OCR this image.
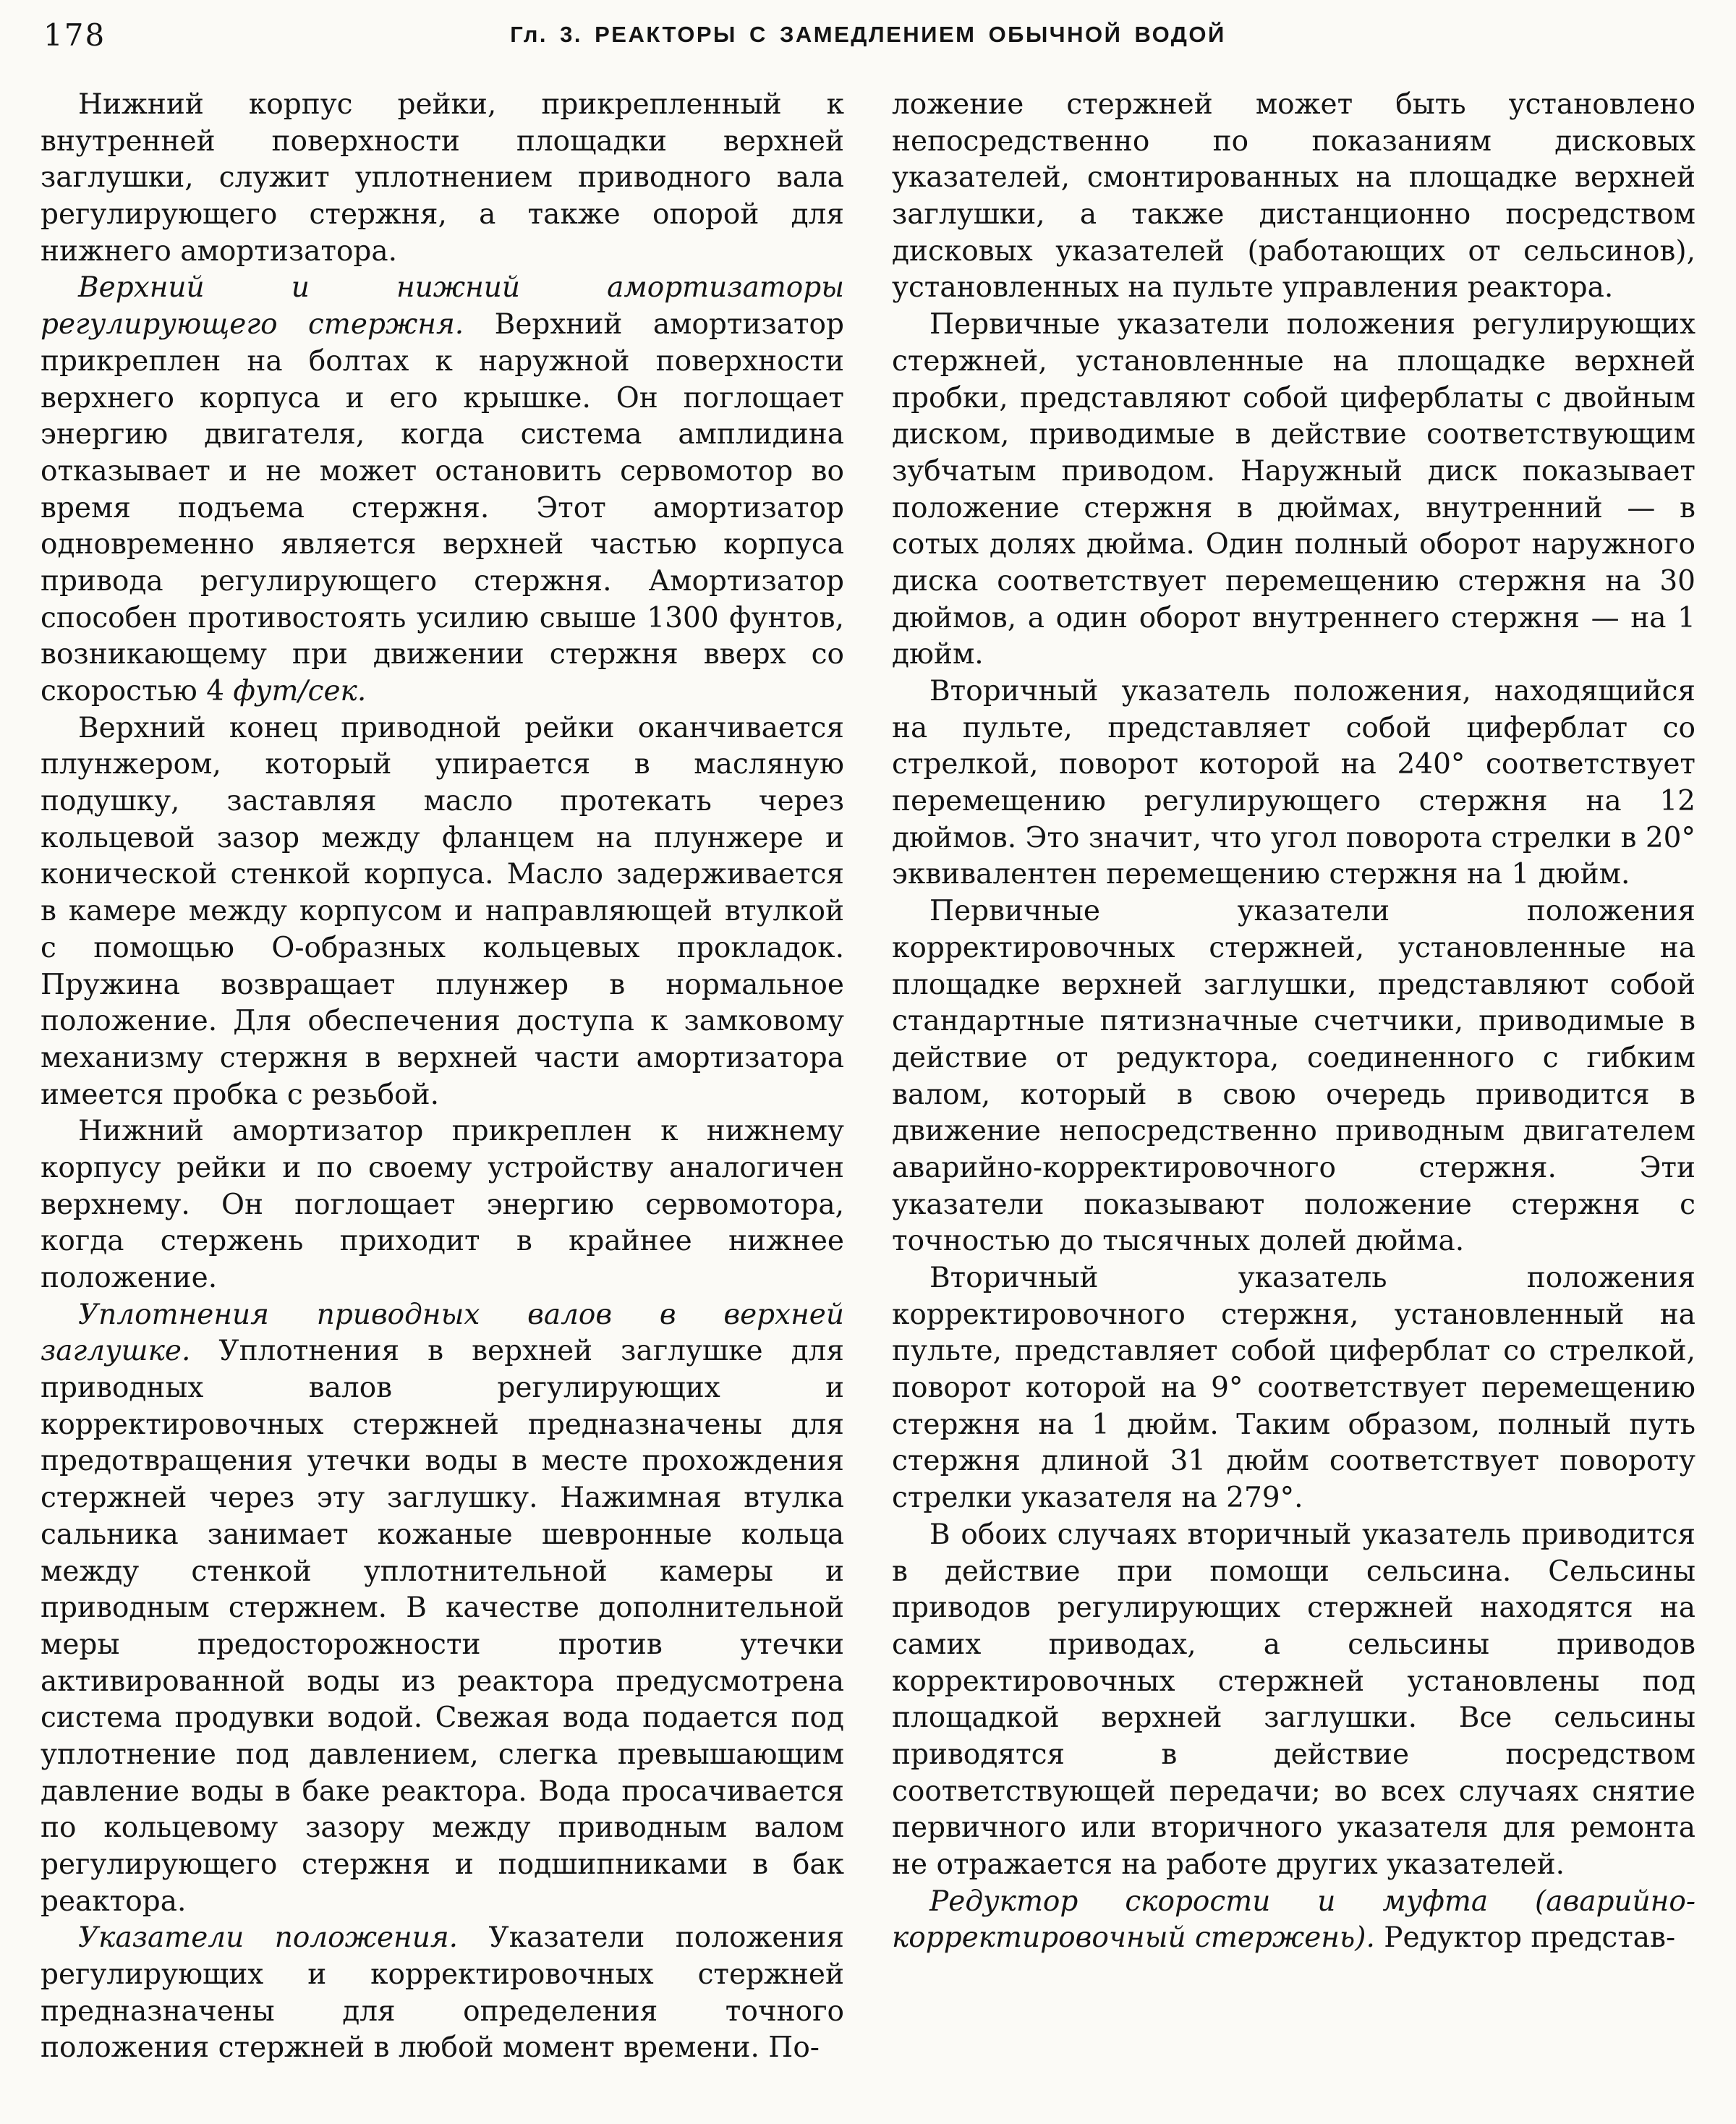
178	Гл. 3. РЕАКТОРЫ С ЗАМЕДЛЕНИЕМ ОБЫЧНОЙ ВОДОЙ

Нижний корпус рейки, прикрепленный к внутренней поверхности площадки верхней заглушки, служит уплотнением приводного вала регулирующего стержня, а также опорой для нижнего амортизатора.

Верхний и нижний амортизаторы регулирующего стержня. Верхний амортизатор прикреплен на болтах к наружной поверхности верхнего корпуса и его крышке. Он поглощает энергию двигателя, когда система амплидина отказывает и не может остановить сервомотор во время подъема стержня. Этот амортизатор одновременно является верхней частью корпуса привода регулирующего стержня. Амортизатор способен противостоять усилию свыше 1300 фунтов, возникающему при движении стержня вверх со скоростью 4 фут/сек.

Верхний конец приводной рейки оканчивается плунжером, который упирается в масляную подушку, заставляя масло протекать через кольцевой зазор между фланцем на плунжере и конической стенкой корпуса. Масло задерживается в камере между корпусом и направляющей втулкой с помощью О-образных кольцевых прокладок. Пружина возвращает плунжер в нормальное положение. Для обеспечения доступа к замковому механизму стержня в верхней части амортизатора имеется пробка с резьбой.

Нижний амортизатор прикреплен к нижнему корпусу рейки и по своему устройству аналогичен верхнему. Он поглощает энергию сервомотора, когда стержень приходит в крайнее нижнее положение.

Уплотнения приводных валов в верхней заглушке. Уплотнения в верхней заглушке для приводных валов регулирующих и корректировочных стержней предназначены для предотвращения утечки воды в месте прохождения стержней через эту заглушку. Нажимная втулка сальника занимает кожаные шевронные кольца между стенкой уплотнительной камеры и приводным стержнем. В качестве дополнительной меры предосторожности против утечки активированной воды из реактора предусмотрена система продувки водой. Свежая вода подается под уплотнение под давлением, слегка превышающим давление воды в баке реактора. Вода просачивается по кольцевому зазору между приводным валом регулирующего стержня и подшипниками в бак реактора.

Указатели положения. Указатели положения регулирующих и корректировочных стержней предназначены для определения точного положения стержней в любой момент времени. По-

ложение стержней может быть установлено непосредственно по показаниям дисковых указателей, смонтированных на площадке верхней заглушки, а также дистанционно посредством дисковых указателей (работающих от сельсинов), установленных на пульте управления реактора.

Первичные указатели положения регулирующих стержней, установленные на площадке верхней пробки, представляют собой циферблаты с двойным диском, приводимые в действие соответствующим зубчатым приводом. Наружный диск показывает положение стержня в дюймах, внутренний — в сотых долях дюйма. Один полный оборот наружного диска соответствует перемещению стержня на 30 дюймов, а один оборот внутреннего стержня — на 1 дюйм.

Вторичный указатель положения, находящийся на пульте, представляет собой циферблат со стрелкой, поворот которой на 240° соответствует перемещению регулирующего стержня на 12 дюймов. Это значит, что угол поворота стрелки в 20° эквивалентен перемещению стержня на 1 дюйм.

Первичные указатели положения корректировочных стержней, установленные на площадке верхней заглушки, представляют собой стандартные пятизначные счетчики, приводимые в действие от редуктора, соединенного с гибким валом, который в свою очередь приводится в движение непосредственно приводным двигателем аварийно-корректировочного стержня. Эти указатели показывают положение стержня с точностью до тысячных долей дюйма.

Вторичный указатель положения корректировочного стержня, установленный на пульте, представляет собой циферблат со стрелкой, поворот которой на 9° соответствует перемещению стержня на 1 дюйм. Таким образом, полный путь стержня длиной 31 дюйм соответствует повороту стрелки указателя на 279°.

В обоих случаях вторичный указатель приводится в действие при помощи сельсина. Сельсины приводов регулирующих стержней находятся на самих приводах, а сельсины приводов корректировочных стержней установлены под площадкой верхней заглушки. Все сельсины приводятся в действие посредством соответствующей передачи; во всех случаях снятие первичного или вторичного указателя для ремонта не отражается на работе других указателей.

Редуктор скорости и муфта (аварийно-корректировочный стержень). Редуктор представ-
